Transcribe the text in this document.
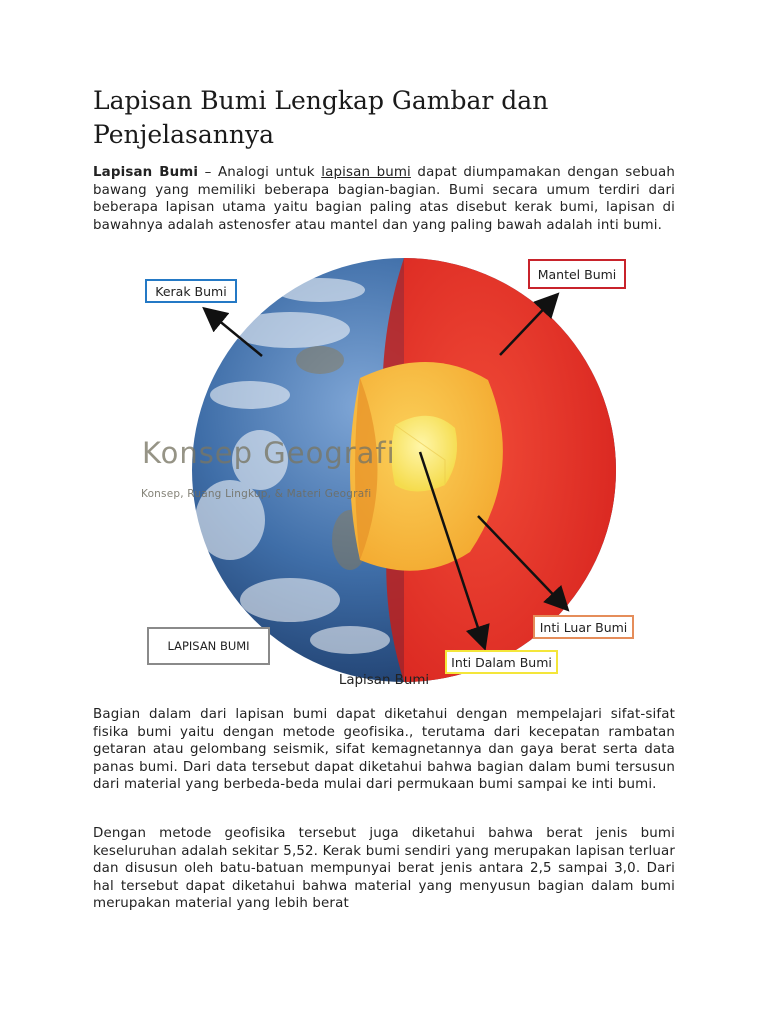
Lapisan Bumi Lengkap Gambar dan Penjelasannya

Lapisan Bumi – Analogi untuk lapisan bumi dapat diumpamakan dengan sebuah bawang yang memiliki beberapa bagian-bagian. Bumi secara umum terdiri dari beberapa lapisan utama yaitu bagian paling atas disebut kerak bumi, lapisan di bawahnya adalah astenosfer atau mantel dan yang paling bawah adalah inti bumi.

Bagian dalam dari lapisan bumi dapat diketahui dengan mempelajari sifat-sifat fisika bumi yaitu dengan metode geofisika., terutama dari kecepatan rambatan getaran atau gelombang seismik, sifat kemagnetannya dan gaya berat serta data panas bumi. Dari data tersebut dapat diketahui bahwa bagian dalam bumi tersusun dari material yang berbeda-beda mulai dari permukaan bumi sampai ke inti bumi.

Dengan metode geofisika tersebut juga diketahui bahwa berat jenis bumi keseluruhan adalah sekitar 5,52. Kerak bumi sendiri yang merupakan lapisan terluar dan disusun oleh batu-batuan mempunyai berat jenis antara 2,5 sampai 3,0. Dari hal tersebut dapat diketahui bahwa material yang menyusun bagian dalam bumi merupakan material yang lebih berat

Konsep Geografi
Konsep, Ruang Lingkup, & Materi Geografi
Kerak Bumi
Mantel Bumi
Inti Luar Bumi
Inti Dalam Bumi
LAPISAN BUMI
Lapisan Bumi
